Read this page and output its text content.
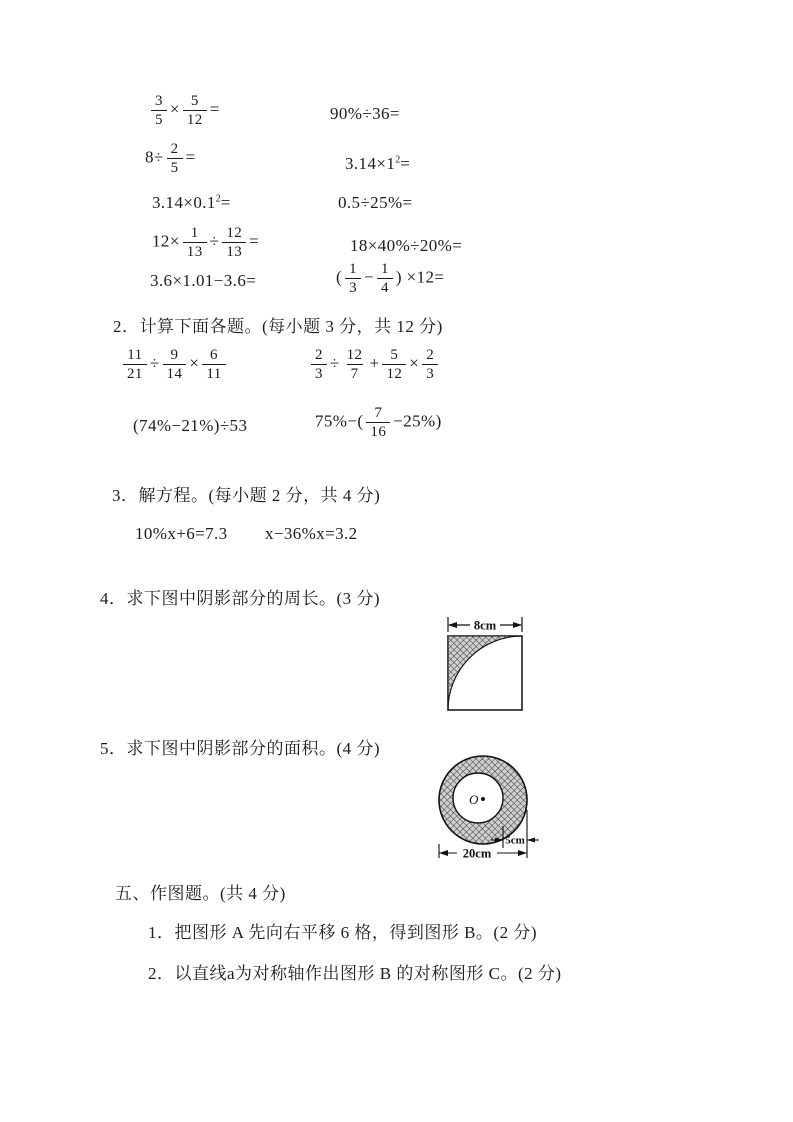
$\frac{3}{5} \times \frac{5}{12}$ =	90%÷36=
$8\div \frac{2}{5}$ =	$3.14\times 1^2=$
$3.14\times 0.1^2=$	0.5÷25%=
$12\times \frac{1}{13} \div \frac{12}{13}$ =	18×40%÷20%=
3.6×1.01−3.6=	( $\frac{1}{3} - \frac{1}{4}$ ) ×12=
2．计算下面各题。(每小题 3 分，共 12 分)
$\frac{11}{21} \div \frac{9}{14} \times \frac{6}{11}$	$\frac{2}{3} \div \frac{12}{7} + \frac{5}{12} \times \frac{2}{3}$
(74%−21%)÷53	$75\%-( \frac{7}{16} -25\%)$
3．解方程。(每小题 2 分，共 4 分)
10%x+6=7.3 x−36%x=3.2
4．求下图中阴影部分的周长。(3 分)
8cm
5．求下图中阴影部分的面积。(4 分)
O
5cm
20cm
五、作图题。(共 4 分)
1．把图形 A 先向右平移 6 格，得到图形 B。(2 分)
2．以直线a为对称轴作出图形 B 的对称图形 C。(2 分)
